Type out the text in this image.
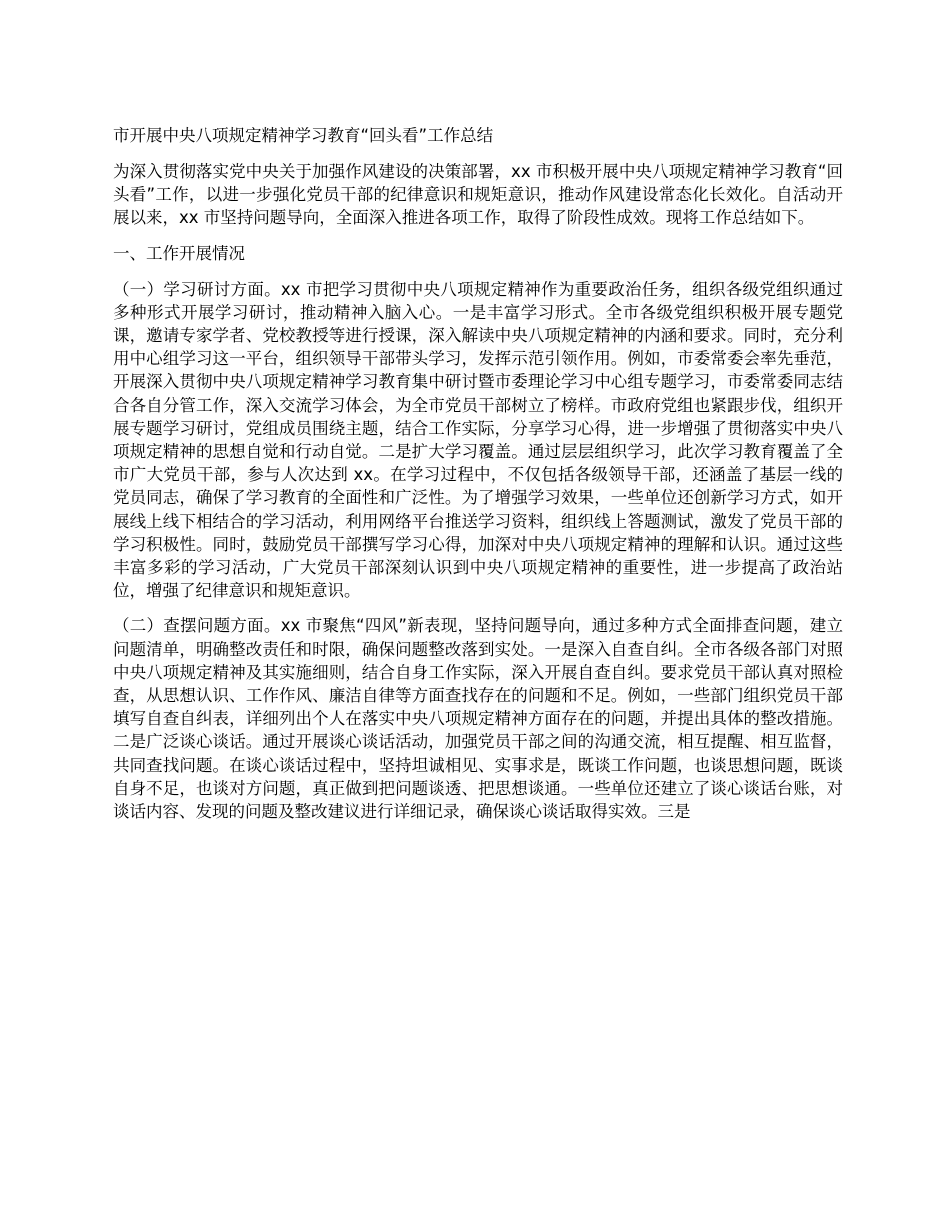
市开展中央八项规定精神学习教育“回头看”工作总结

为深入贯彻落实党中央关于加强作风建设的决策部署，xx 市积极开展中央八项规定精神学习教育“回头看”工作，以进一步强化党员干部的纪律意识和规矩意识，推动作风建设常态化长效化。自活动开展以来，xx 市坚持问题导向，全面深入推进各项工作，取得了阶段性成效。现将工作总结如下。

一、工作开展情况

（一）学习研讨方面。xx 市把学习贯彻中央八项规定精神作为重要政治任务，组织各级党组织通过多种形式开展学习研讨，推动精神入脑入心。一是丰富学习形式。全市各级党组织积极开展专题党课，邀请专家学者、党校教授等进行授课，深入解读中央八项规定精神的内涵和要求。同时，充分利用中心组学习这一平台，组织领导干部带头学习，发挥示范引领作用。例如，市委常委会率先垂范，开展深入贯彻中央八项规定精神学习教育集中研讨暨市委理论学习中心组专题学习，市委常委同志结合各自分管工作，深入交流学习体会，为全市党员干部树立了榜样。市政府党组也紧跟步伐，组织开展专题学习研讨，党组成员围绕主题，结合工作实际，分享学习心得，进一步增强了贯彻落实中央八项规定精神的思想自觉和行动自觉。二是扩大学习覆盖。通过层层组织学习，此次学习教育覆盖了全市广大党员干部，参与人次达到 xx。在学习过程中，不仅包括各级领导干部，还涵盖了基层一线的党员同志，确保了学习教育的全面性和广泛性。为了增强学习效果，一些单位还创新学习方式，如开展线上线下相结合的学习活动，利用网络平台推送学习资料，组织线上答题测试，激发了党员干部的学习积极性。同时，鼓励党员干部撰写学习心得，加深对中央八项规定精神的理解和认识。通过这些丰富多彩的学习活动，广大党员干部深刻认识到中央八项规定精神的重要性，进一步提高了政治站位，增强了纪律意识和规矩意识。

（二）查摆问题方面。xx 市聚焦“四风”新表现，坚持问题导向，通过多种方式全面排查问题，建立问题清单，明确整改责任和时限，确保问题整改落到实处。一是深入自查自纠。全市各级各部门对照中央八项规定精神及其实施细则，结合自身工作实际，深入开展自查自纠。要求党员干部认真对照检查，从思想认识、工作作风、廉洁自律等方面查找存在的问题和不足。例如，一些部门组织党员干部填写自查自纠表，详细列出个人在落实中央八项规定精神方面存在的问题，并提出具体的整改措施。二是广泛谈心谈话。通过开展谈心谈话活动，加强党员干部之间的沟通交流，相互提醒、相互监督，共同查找问题。在谈心谈话过程中，坚持坦诚相见、实事求是，既谈工作问题，也谈思想问题，既谈自身不足，也谈对方问题，真正做到把问题谈透、把思想谈通。一些单位还建立了谈心谈话台账，对谈话内容、发现的问题及整改建议进行详细记录，确保谈心谈话取得实效。三是
